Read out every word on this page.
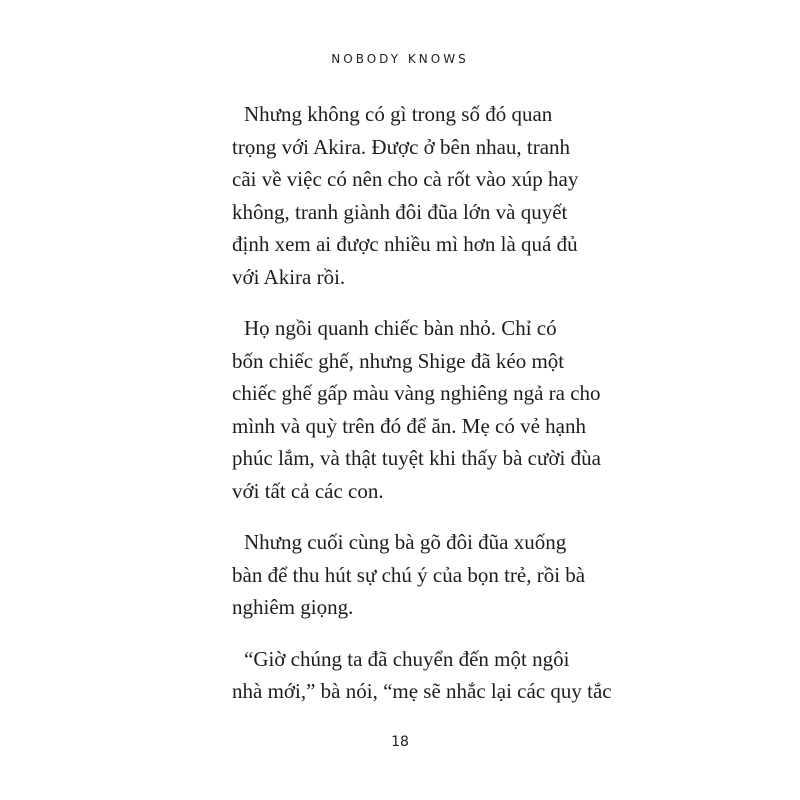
NOBODY KNOWS

Nhưng không có gì trong số đó quan
trọng với Akira. Được ở bên nhau, tranh
cãi về việc có nên cho cà rốt vào xúp hay
không, tranh giành đôi đũa lớn và quyết
định xem ai được nhiều mì hơn là quá đủ
với Akira rồi.

Họ ngồi quanh chiếc bàn nhỏ. Chỉ có
bốn chiếc ghế, nhưng Shige đã kéo một
chiếc ghế gấp màu vàng nghiêng ngả ra cho
mình và quỳ trên đó để ăn. Mẹ có vẻ hạnh
phúc lắm, và thật tuyệt khi thấy bà cười đùa
với tất cả các con.

Nhưng cuối cùng bà gõ đôi đũa xuống
bàn để thu hút sự chú ý của bọn trẻ, rồi bà
nghiêm giọng.

“Giờ chúng ta đã chuyển đến một ngôi
nhà mới,” bà nói, “mẹ sẽ nhắc lại các quy tắc

18
